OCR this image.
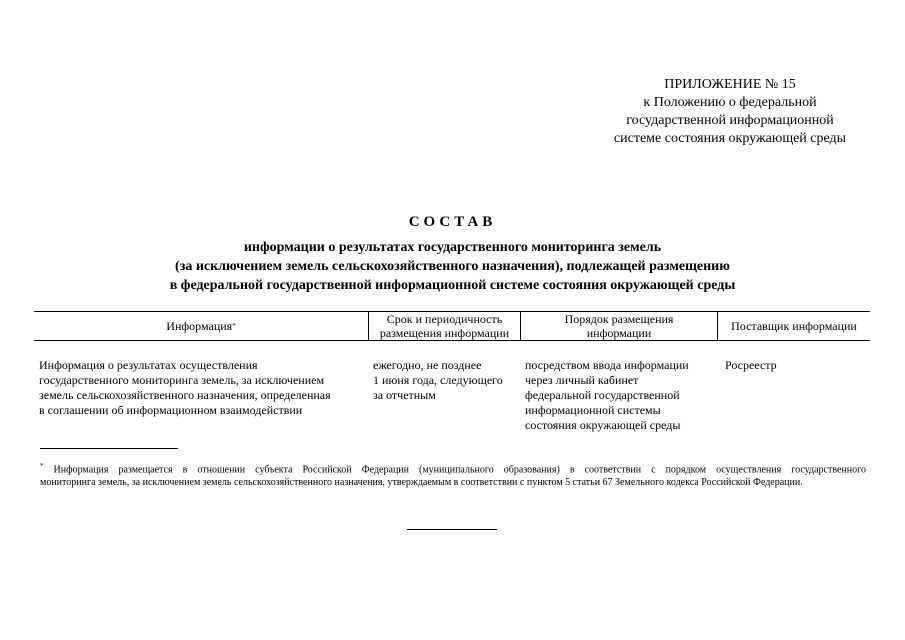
ПРИЛОЖЕНИЕ № 15
к Положению о федеральной
государственной информационной
системе состояния окружающей среды
СОСТАВ
информации о результатах государственного мониторинга земель
(за исключением земель сельскохозяйственного назначения), подлежащей размещению
в федеральной государственной информационной системе состояния окружающей среды
Информация *	Срок и периодичность
размещения информации
Порядок размещения
информации	Поставщик информации
Информация о результатах осуществления
государственного мониторинга земель, за исключением
земель сельскохозяйственного назначения, определенная
в соглашении об информационном взаимодействии
ежегодно, не позднее
1 июня года, следующего
за отчетным
посредством ввода информации
через личный кабинет
федеральной государственной
информационной системы
состояния окружающей среды
Росреестр
* Информация размещается в отношении субъекта Российской Федерации (муниципального образования) в соответствии с порядком осуществления государственного
мониторинга земель, за исключением земель сельскохозяйственного назначения, утверждаемым в соответствии с пунктом 5 статьи 67 Земельного кодекса Российской Федерации.
